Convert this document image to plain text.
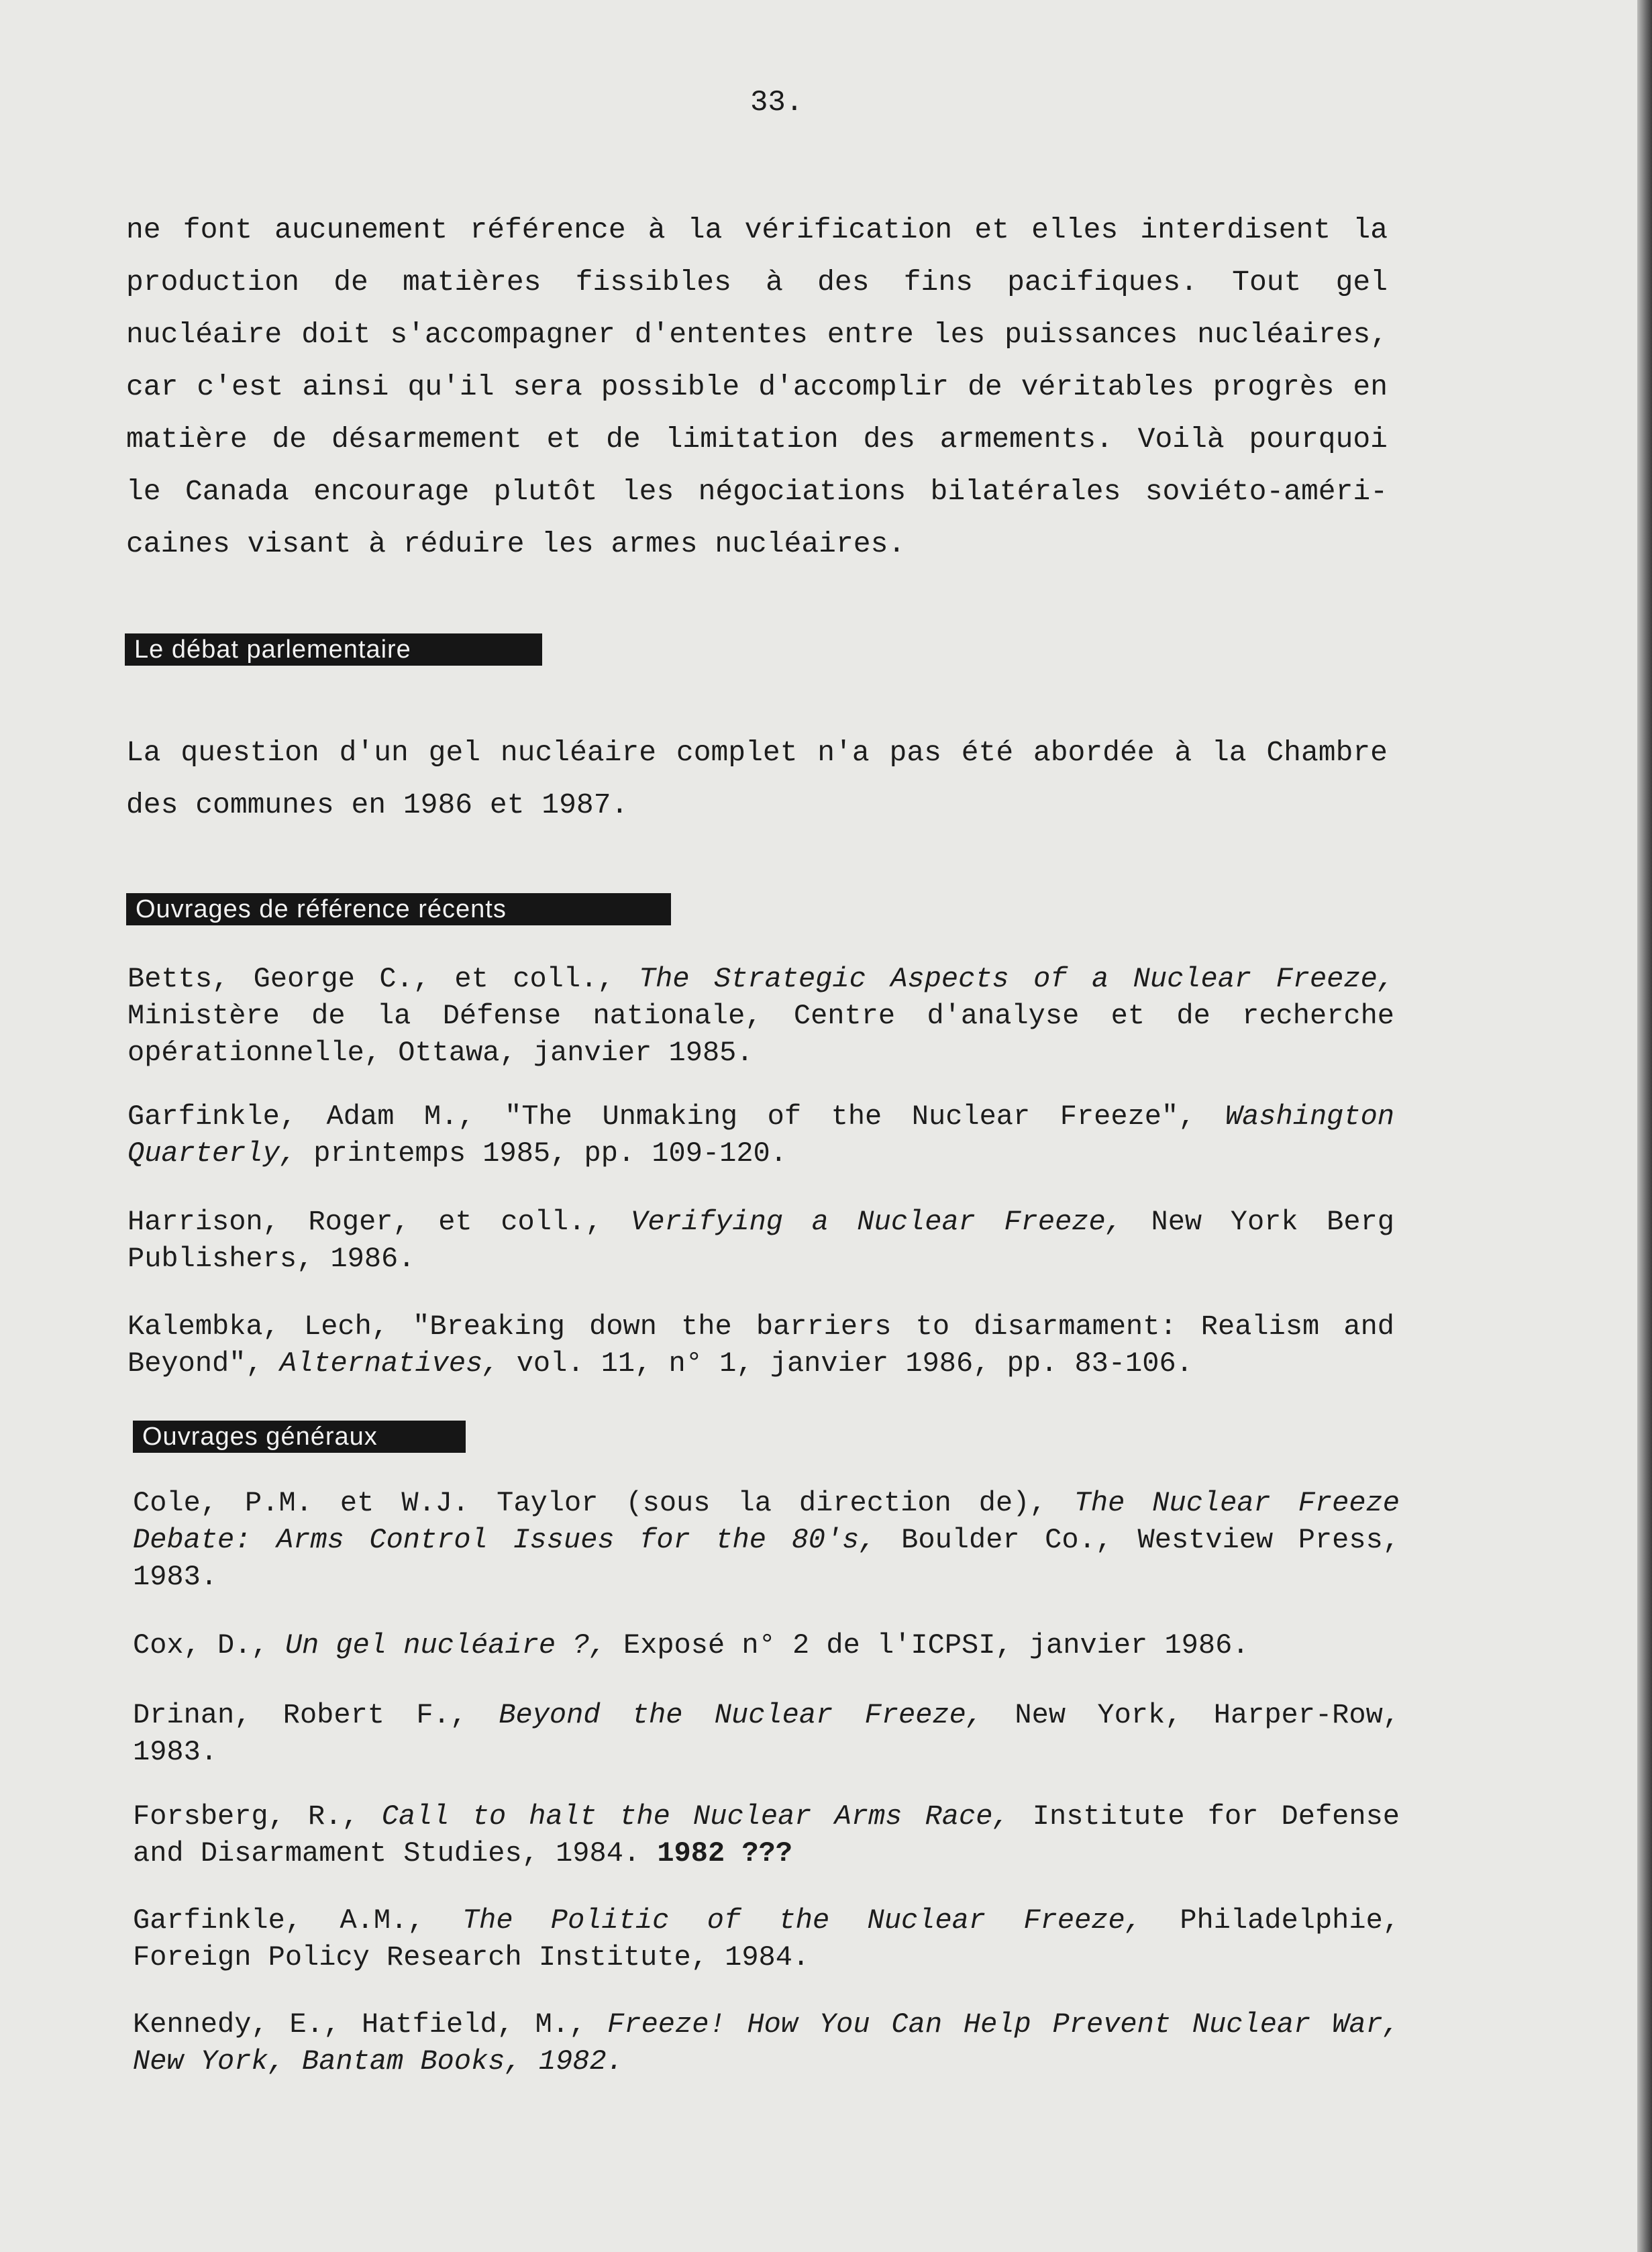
33.
ne font aucunement référence à la vérification et elles interdisent la
production de matières fissibles à des fins pacifiques. Tout gel
nucléaire doit s'accompagner d'ententes entre les puissances nucléaires,
car c'est ainsi qu'il sera possible d'accomplir de véritables progrès en
matière de désarmement et de limitation des armements. Voilà pourquoi
le Canada encourage plutôt les négociations bilatérales soviéto-améri-
caines visant à réduire les armes nucléaires.
Le débat parlementaire
La question d'un gel nucléaire complet n'a pas été abordée à la Chambre
des communes en 1986 et 1987.
Ouvrages de référence récents
Betts, George C., et coll., The Strategic Aspects of a Nuclear Freeze,
Ministère de la Défense nationale, Centre d'analyse et de recherche
opérationnelle, Ottawa, janvier 1985.
Garfinkle, Adam M., "The Unmaking of the Nuclear Freeze", Washington
Quarterly, printemps 1985, pp. 109-120.
Harrison, Roger, et coll., Verifying a Nuclear Freeze, New York Berg
Publishers, 1986.
Kalembka, Lech, "Breaking down the barriers to disarmament: Realism and
Beyond", Alternatives, vol. 11, n° 1, janvier 1986, pp. 83-106.
Ouvrages généraux
Cole, P.M. et W.J. Taylor (sous la direction de), The Nuclear Freeze
Debate: Arms Control Issues for the 80's, Boulder Co., Westview Press,
1983.
Cox, D., Un gel nucléaire ?, Exposé n° 2 de l'ICPSI, janvier 1986.
Drinan, Robert F., Beyond the Nuclear Freeze, New York, Harper-Row,
1983.
Forsberg, R., Call to halt the Nuclear Arms Race, Institute for Defense
and Disarmament Studies, 1984. 1982 ???
Garfinkle, A.M., The Politic of the Nuclear Freeze, Philadelphie,
Foreign Policy Research Institute, 1984.
Kennedy, E., Hatfield, M., Freeze! How You Can Help Prevent Nuclear War,
New York, Bantam Books, 1982.
